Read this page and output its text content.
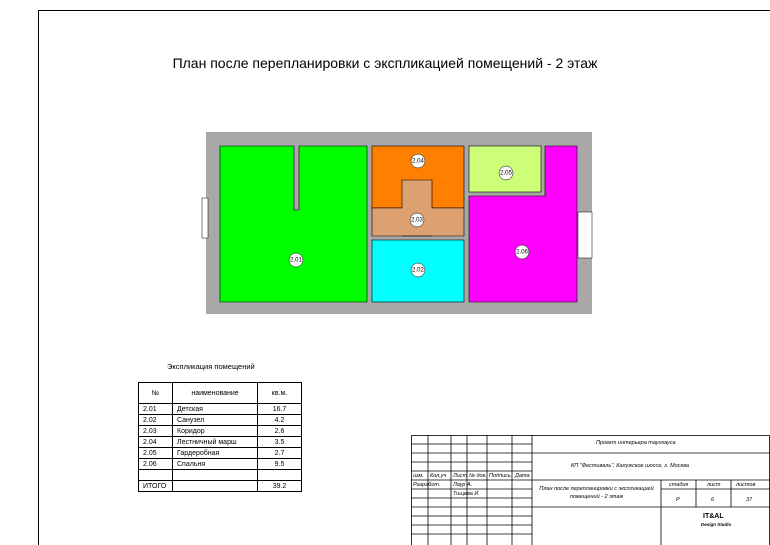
План после перепланировки с экспликацией помещений - 2 этаж
2.01
2.02
2.03
2.04
2.05
2.06
Экспликация помещений
№	наименование	кв.м.
2.01	Детская	16.7
2.02	Санузел	4.2
2.03	Коридор	2.6
2.04	Лестничный марш	3.5
2.05	Гардеробная	2.7
2.06	Спальня	9.5

ИТОГО		39.2
Проект интерьера таунхауса
КП "Фестиваль", Калужское шоссе, г. Москва
изм. Кол.уч Лист № док. Подпись Дата
Разработ. Лаур А.
Тищева И.
План после перепланировки с экспликацией помещений - 2 этаж
стадия	лист	листов
Р	6	37
IT&AL
Design Studio
